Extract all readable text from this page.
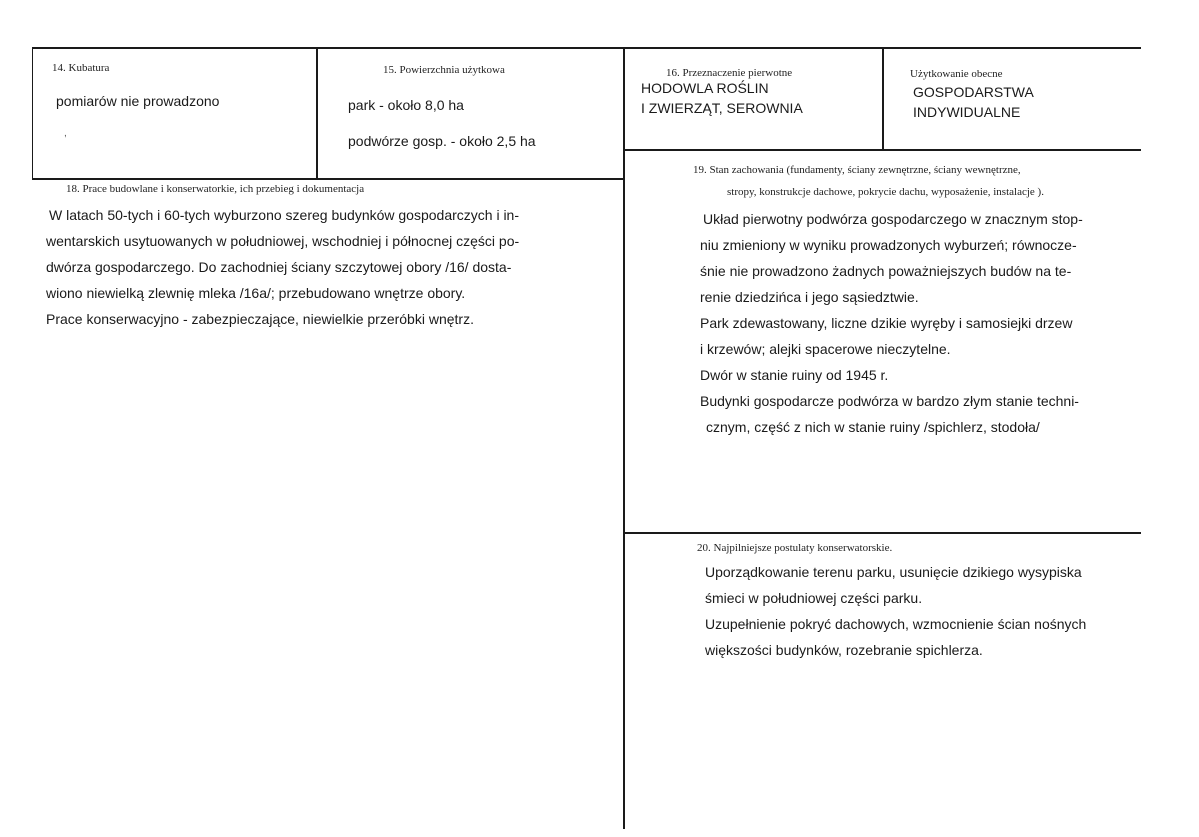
14. Kubatura
pomiarów nie prowadzono
,
15. Powierzchnia użytkowa
park - około 8,0 ha
podwórze gosp. - około 2,5 ha
16. Przeznaczenie pierwotne
HODOWLA ROŚLIN
I ZWIERZĄT, SEROWNIA
Użytkowanie obecne
GOSPODARSTWA
INDYWIDUALNE
18. Prace budowlane i konserwatorkie, ich przebieg i dokumentacja
W latach 50-tych i 60-tych wyburzono szereg budynków gospodarczych i in-
wentarskich usytuowanych w południowej, wschodniej i północnej części po-
dwórza gospodarczego. Do zachodniej ściany szczytowej obory /16/ dosta-
wiono niewielką zlewnię mleka /16a/; przebudowano wnętrze obory.
Prace konserwacyjno - zabezpieczające, niewielkie przeróbki wnętrz.
19. Stan zachowania (fundamenty, ściany zewnętrzne, ściany wewnętrzne,
stropy, konstrukcje dachowe, pokrycie dachu, wyposażenie, instalacje ).
Układ pierwotny podwórza gospodarczego w znacznym stop-
niu zmieniony w wyniku prowadzonych wyburzeń; równocze-
śnie nie prowadzono żadnych poważniejszych budów na te-
renie dziedzińca i jego sąsiedztwie.
Park zdewastowany, liczne dzikie wyręby i samosiejki drzew
i krzewów; alejki spacerowe nieczytelne.
Dwór w stanie ruiny od 1945 r.
Budynki gospodarcze podwórza w bardzo złym stanie techni-
cznym, część z nich w stanie ruiny /spichlerz, stodoła/
20. Najpilniejsze postulaty konserwatorskie.
Uporządkowanie terenu parku, usunięcie dzikiego wysypiska
śmieci w południowej części parku.
Uzupełnienie pokryć dachowych, wzmocnienie ścian nośnych
większości budynków, rozebranie spichlerza.
